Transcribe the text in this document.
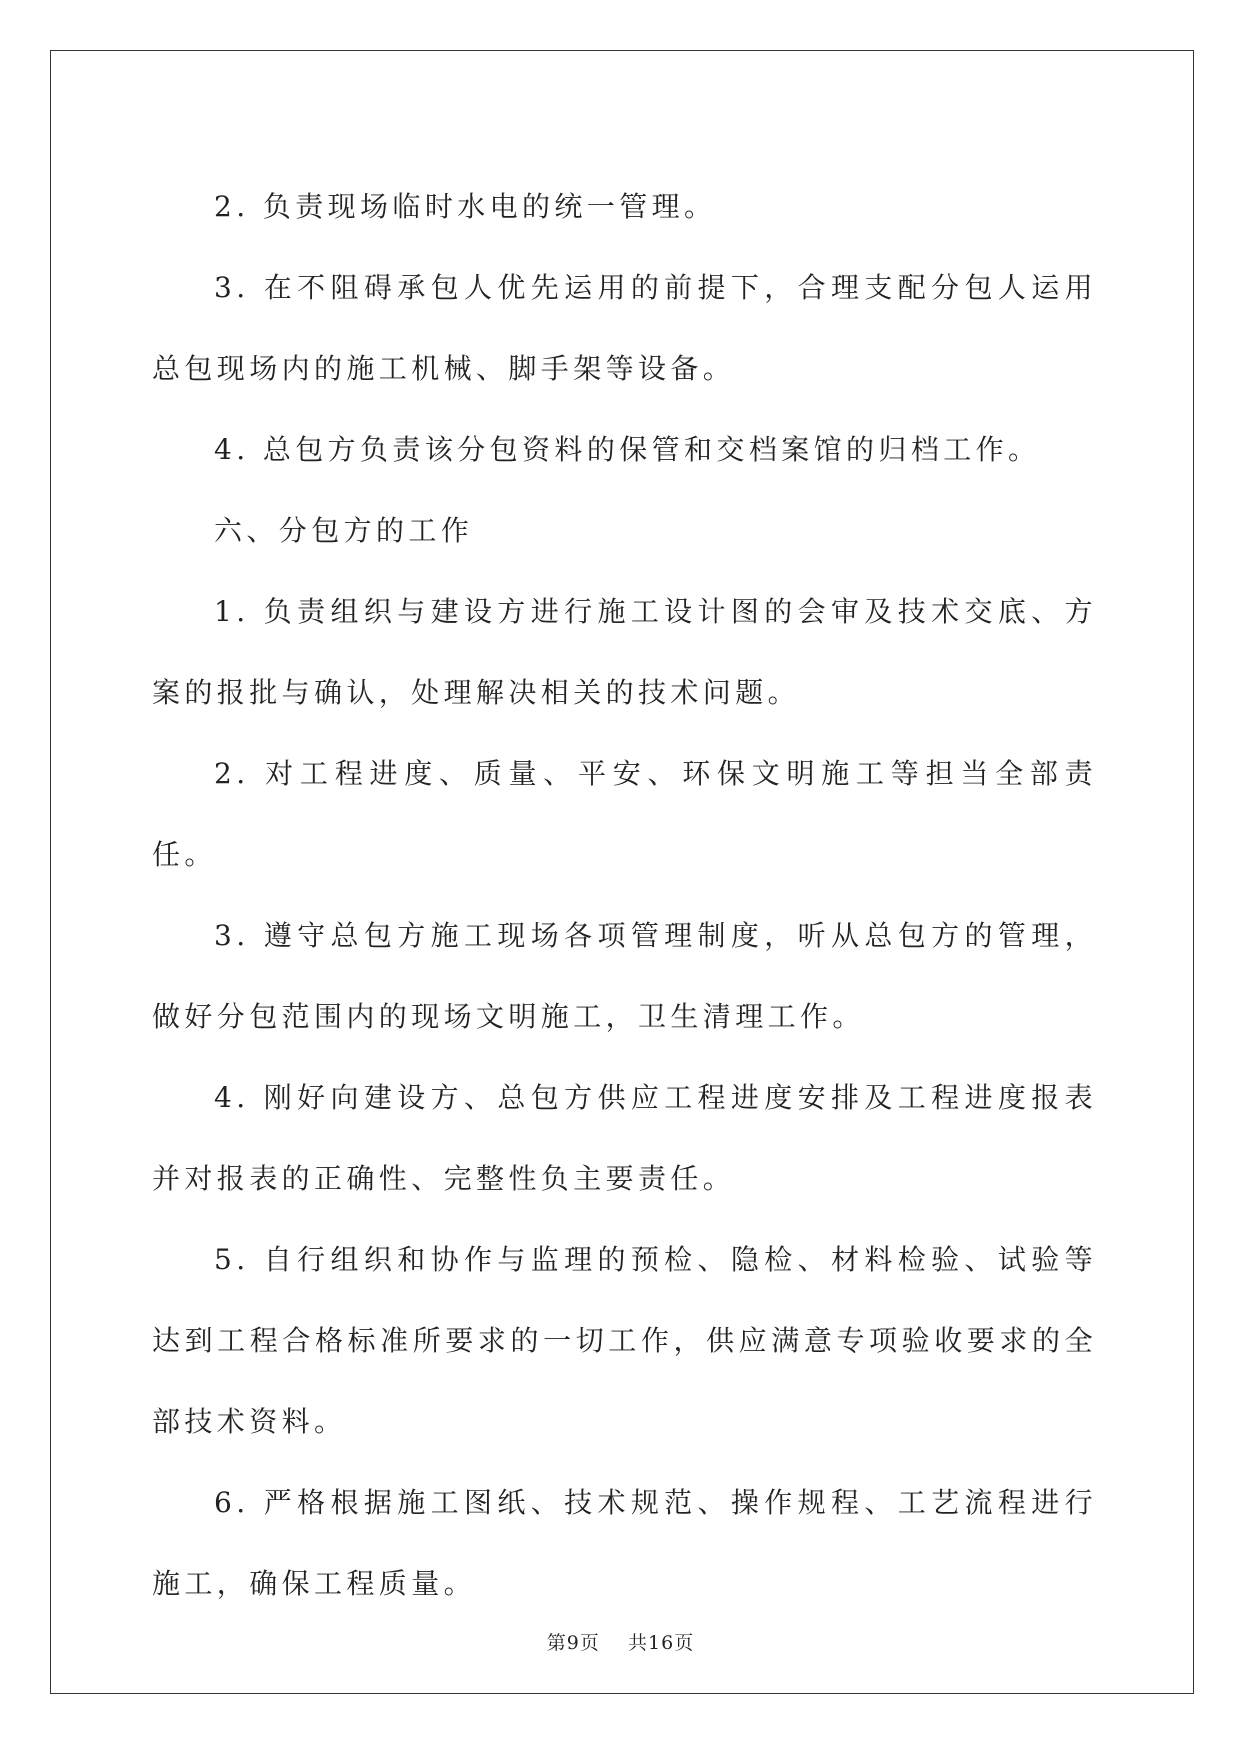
2. 负责现场临时水电的统一管理。

3. 在不阻碍承包人优先运用的前提下，合理支配分包人运用总包现场内的施工机械、脚手架等设备。

4. 总包方负责该分包资料的保管和交档案馆的归档工作。

六、分包方的工作

1. 负责组织与建设方进行施工设计图的会审及技术交底、方案的报批与确认，处理解决相关的技术问题。

2. 对工程进度、质量、平安、环保文明施工等担当全部责任。

3. 遵守总包方施工现场各项管理制度，听从总包方的管理，做好分包范围内的现场文明施工，卫生清理工作。

4. 刚好向建设方、总包方供应工程进度安排及工程进度报表并对报表的正确性、完整性负主要责任。

5. 自行组织和协作与监理的预检、隐检、材料检验、试验等达到工程合格标准所要求的一切工作，供应满意专项验收要求的全部技术资料。

6. 严格根据施工图纸、技术规范、操作规程、工艺流程进行施工，确保工程质量。

第9页    共16页
